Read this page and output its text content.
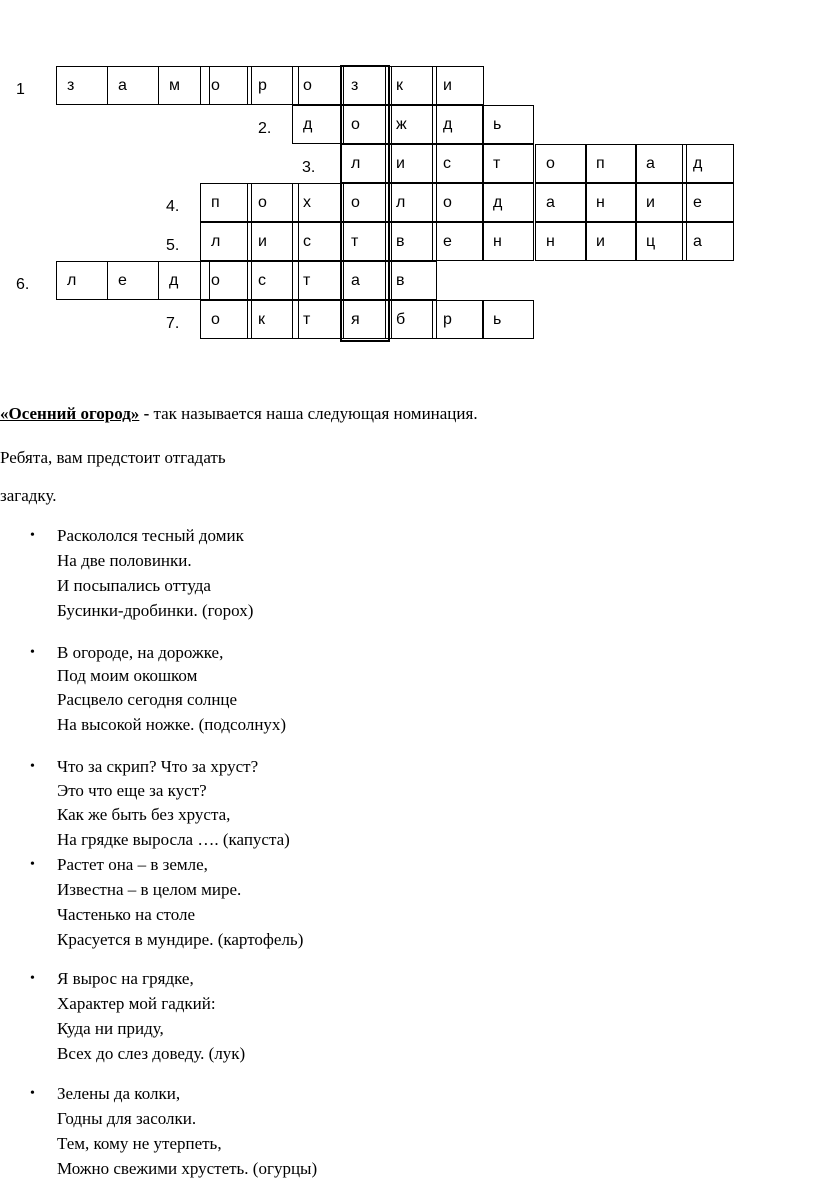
1	з	а	м	о	р	о	з	к	и
2.	д	о	ж	д	ь
3.	л	и	с	т	о	п	а	д
4.	п	о	х	о	л	о	д	а	н	и	е
5.	л	и	с	т	в	е	н	н	и	ц	а
6.	л	е	д	о	с	т	а	в
7.	о	к	т	я	б	р	ь

«Осенний огород» - так называется наша следующая номинация.

Ребята, вам предстоит отгадать

загадку.

• Раскололся тесный домик
На две половинки.
И посыпались оттуда
Бусинки-дробинки. (горох)
• В огороде, на дорожке,
Под моим окошком
Расцвело сегодня солнце
На высокой ножке. (подсолнух)
• Что за скрип? Что за хруст?
Это что еще за куст?
Как же быть без хруста,
На грядке выросла …. (капуста)
• Растет она – в земле,
Известна – в целом мире.
Частенько на столе
Красуется в мундире. (картофель)
• Я вырос на грядке,
Характер мой гадкий:
Куда ни приду,
Всех до слез доведу. (лук)
• Зелены да колки,
Годны для засолки.
Тем, кому не утерпеть,
Можно свежими хрустеть. (огурцы)
